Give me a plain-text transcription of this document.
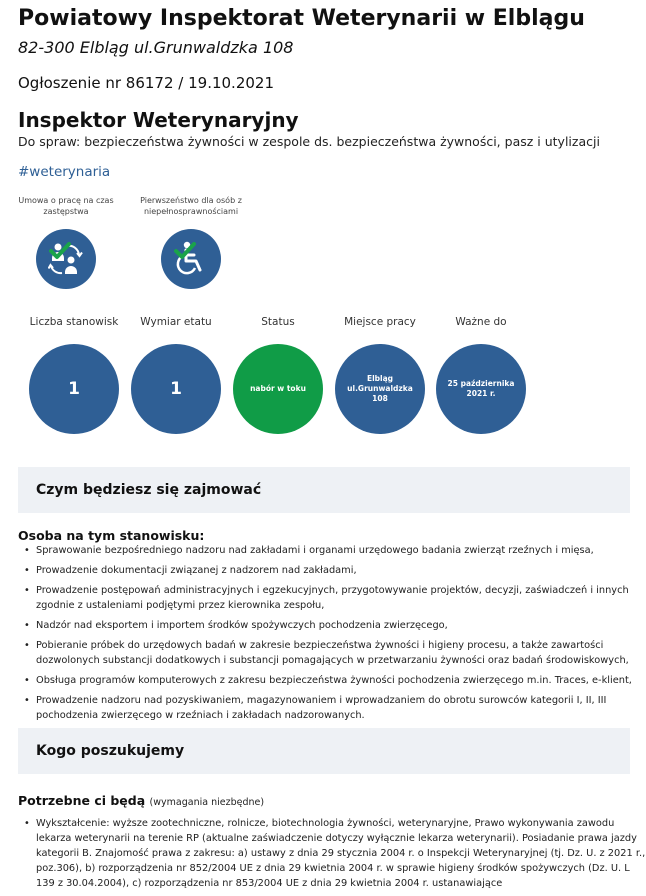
Powiatowy Inspektorat Weterynarii w Elblągu
82-300 Elbląg ul.Grunwaldzka 108
Ogłoszenie nr 86172 / 19.10.2021
Inspektor Weterynaryjny
Do spraw: bezpieczeństwa żywności w zespole ds. bezpieczeństwa żywności, pasz i utylizacji
#weterynaria
Umowa o pracę na czas zastępstwa
Pierwszeństwo dla osób z niepełnosprawnościami
Liczba stanowisk
1
Wymiar etatu
1
Status
nabór w toku
Miejsce pracy
Elbląg ul.Grunwaldzka 108
Ważne do
25 października 2021 r.
Czym będziesz się zajmować
Osoba na tym stanowisku:
• Sprawowanie bezpośredniego nadzoru nad zakładami i organami urzędowego badania zwierząt rzeźnych i mięsa,
• Prowadzenie dokumentacji związanej z nadzorem nad zakładami,
• Prowadzenie postępowań administracyjnych i egzekucyjnych, przygotowywanie projektów, decyzji, zaświadczeń i innych zgodnie z ustaleniami podjętymi przez kierownika zespołu,
• Nadzór nad eksportem i importem środków spożywczych pochodzenia zwierzęcego,
• Pobieranie próbek do urzędowych badań w zakresie bezpieczeństwa żywności i higieny procesu, a także zawartości dozwolonych substancji dodatkowych i substancji pomagających w przetwarzaniu żywności oraz badań środowiskowych,
• Obsługa programów komputerowych z zakresu bezpieczeństwa żywności pochodzenia zwierzęcego m.in. Traces, e-klient,
• Prowadzenie nadzoru nad pozyskiwaniem, magazynowaniem i wprowadzaniem do obrotu surowców kategorii I, II, III pochodzenia zwierzęcego w rzeźniach i zakładach nadzorowanych.
Kogo poszukujemy
Potrzebne ci będą (wymagania niezbędne)
• Wykształcenie: wyższe zootechniczne, rolnicze, biotechnologia żywności, weterynaryjne, Prawo wykonywania zawodu lekarza weterynarii na terenie RP (aktualne zaświadczenie dotyczy wyłącznie lekarza weterynarii). Posiadanie prawa jazdy kategorii B. Znajomość prawa z zakresu: a) ustawy z dnia 29 stycznia 2004 r. o Inspekcji Weterynaryjnej (tj. Dz. U. z 2021 r., poz.306), b) rozporządzenia nr 852/2004 UE z dnia 29 kwietnia 2004 r. w sprawie higieny środków spożywczych (Dz. U. L 139 z 30.04.2004), c) rozporządzenia nr 853/2004 UE z dnia 29 kwietnia 2004 r. ustanawiające
